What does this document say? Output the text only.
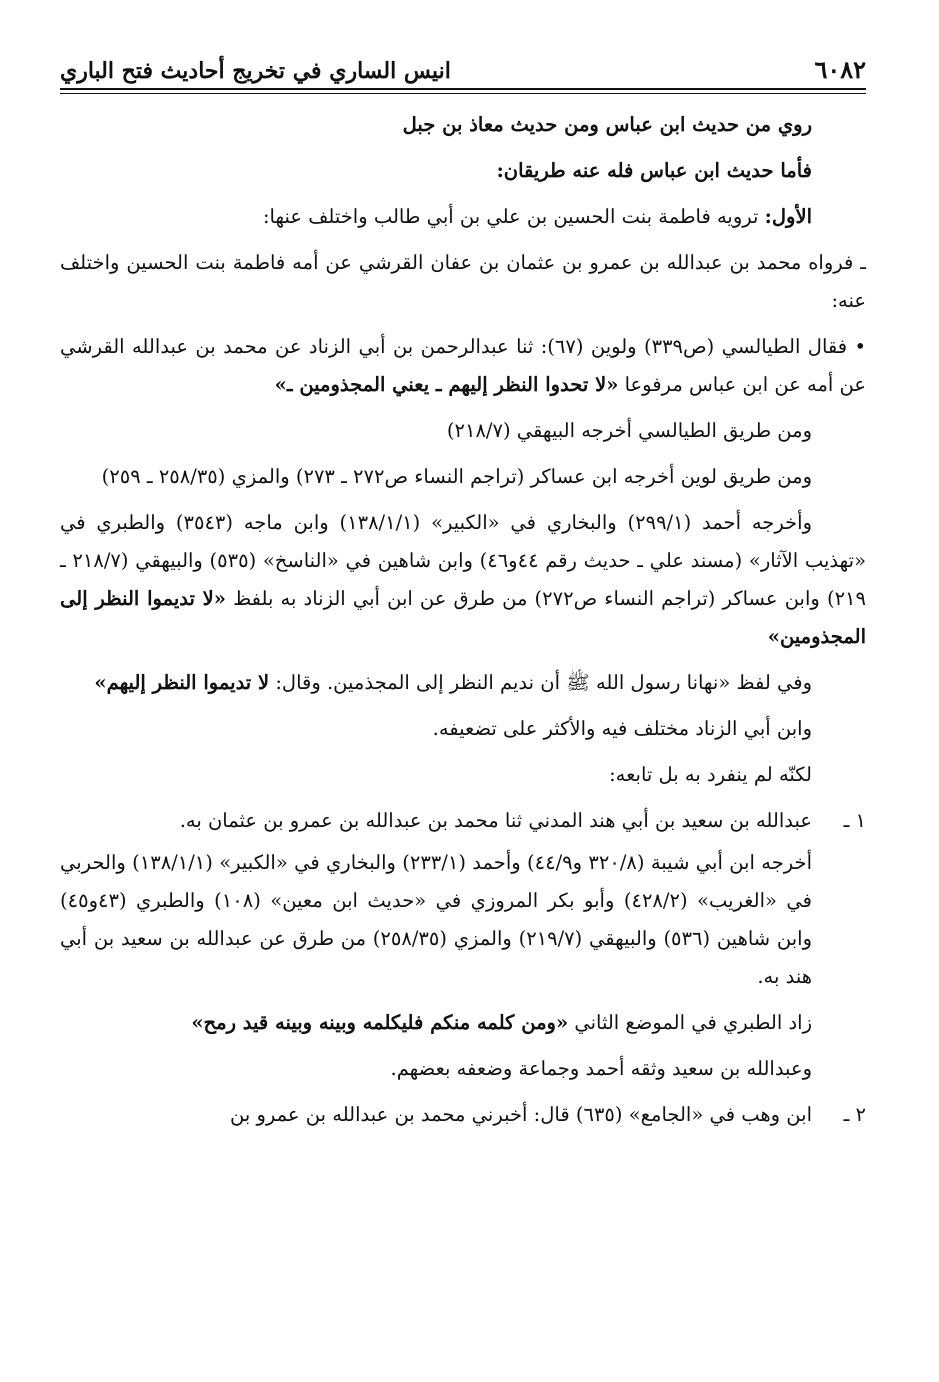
٦٠٨٢
انيس الساري في تخريج أحاديث فتح الباري

روي من حديث ابن عباس ومن حديث معاذ بن جبل

فأما حديث ابن عباس فله عنه طريقان:

الأول: ترويه فاطمة بنت الحسين بن علي بن أبي طالب واختلف عنها:

ـ فرواه محمد بن عبدالله بن عمرو بن عثمان بن عفان القرشي عن أمه فاطمة بنت الحسين واختلف عنه:

• فقال الطيالسي (ص٣٣٩) ولوين (٦٧): ثنا عبدالرحمن بن أبي الزناد عن محمد بن عبدالله القرشي عن أمه عن ابن عباس مرفوعا «لا تحدوا النظر إليهم ـ يعني المجذومين ـ»

ومن طريق الطيالسي أخرجه البيهقي (٢١٨/٧)

ومن طريق لوين أخرجه ابن عساكر (تراجم النساء ص٢٧٢ ـ ٢٧٣) والمزي (٢٥٨/٣٥ ـ ٢٥٩)

وأخرجه أحمد (٢٩٩/١) والبخاري في «الكبير» (١٣٨/١/١) وابن ماجه (٣٥٤٣) والطبري في «تهذيب الآثار» (مسند علي ـ حديث رقم ٤٤و٤٦) وابن شاهين في «الناسخ» (٥٣٥) والبيهقي (٢١٨/٧ ـ ٢١٩) وابن عساكر (تراجم النساء ص٢٧٢) من طرق عن ابن أبي الزناد به بلفظ «لا تديموا النظر إلى المجذومين»

وفي لفظ «نهانا رسول الله ﷺ أن نديم النظر إلى المجذمين. وقال: لا تديموا النظر إليهم»

وابن أبي الزناد مختلف فيه والأكثر على تضعيفه.

لكنّه لم ينفرد به بل تابعه:

١ ـ
عبدالله بن سعيد بن أبي هند المدني ثنا محمد بن عبدالله بن عمرو بن عثمان به.

أخرجه ابن أبي شيبة (٣٢٠/٨ و٤٤/٩) وأحمد (٢٣٣/١) والبخاري في «الكبير» (١٣٨/١/١) والحربي في «الغريب» (٤٢٨/٢) وأبو بكر المروزي في «حديث ابن معين» (١٠٨) والطبري (٤٣و٤٥) وابن شاهين (٥٣٦) والبيهقي (٢١٩/٧) والمزي (٢٥٨/٣٥) من طرق عن عبدالله بن سعيد بن أبي هند به.

زاد الطبري في الموضع الثاني «ومن كلمه منكم فليكلمه وبينه وبينه قيد رمح»

وعبدالله بن سعيد وثقه أحمد وجماعة وضعفه بعضهم.

٢ ـ
ابن وهب في «الجامع» (٦٣٥) قال: أخبرني محمد بن عبدالله بن عمرو بن
